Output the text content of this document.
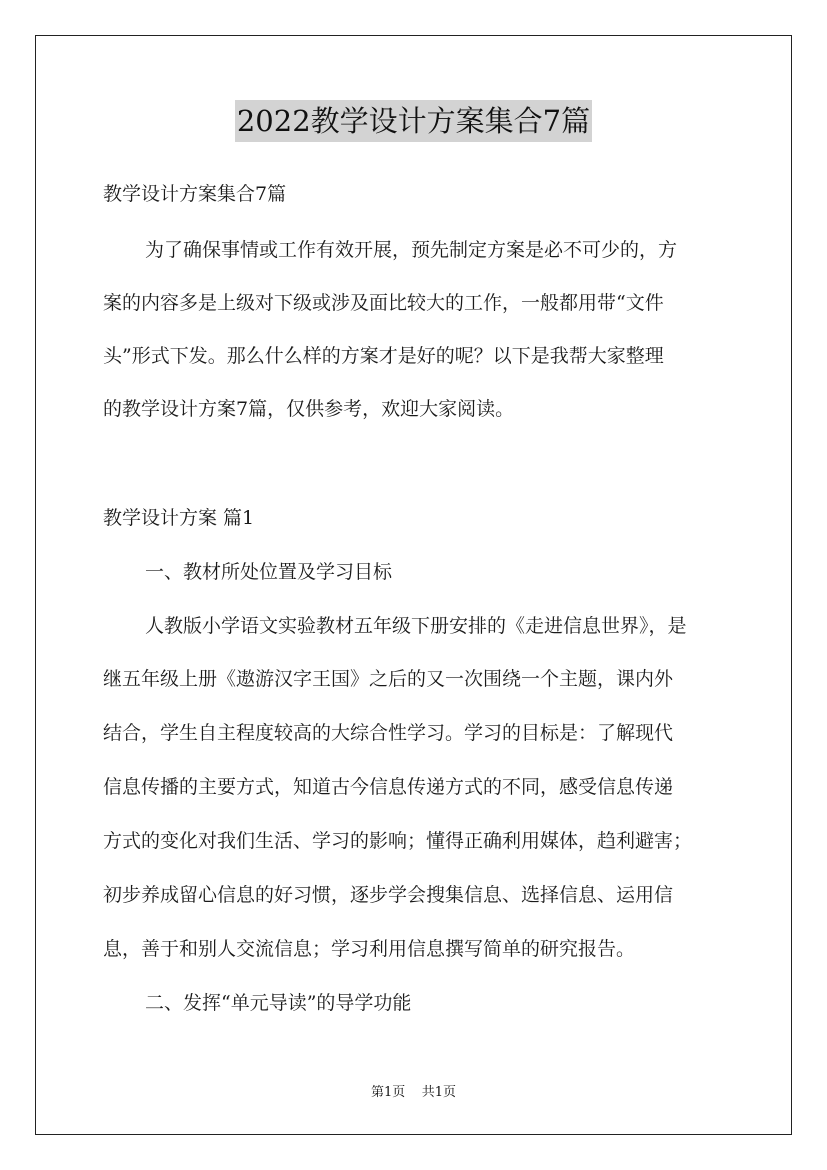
2022教学设计方案集合7篇
教学设计方案集合7篇
为了确保事情或工作有效开展，预先制定方案是必不可少的，方
案的内容多是上级对下级或涉及面比较大的工作，一般都用带“文件
头”形式下发。那么什么样的方案才是好的呢？以下是我帮大家整理
的教学设计方案7篇，仅供参考，欢迎大家阅读。
教学设计方案 篇1
一、教材所处位置及学习目标
人教版小学语文实验教材五年级下册安排的《走进信息世界》，是
继五年级上册《遨游汉字王国》之后的又一次围绕一个主题，课内外
结合，学生自主程度较高的大综合性学习。学习的目标是：了解现代
信息传播的主要方式，知道古今信息传递方式的不同，感受信息传递
方式的变化对我们生活、学习的影响；懂得正确利用媒体，趋利避害；
初步养成留心信息的好习惯，逐步学会搜集信息、选择信息、运用信
息，善于和别人交流信息；学习利用信息撰写简单的研究报告。
二、发挥“单元导读”的导学功能
第1页 共1页
